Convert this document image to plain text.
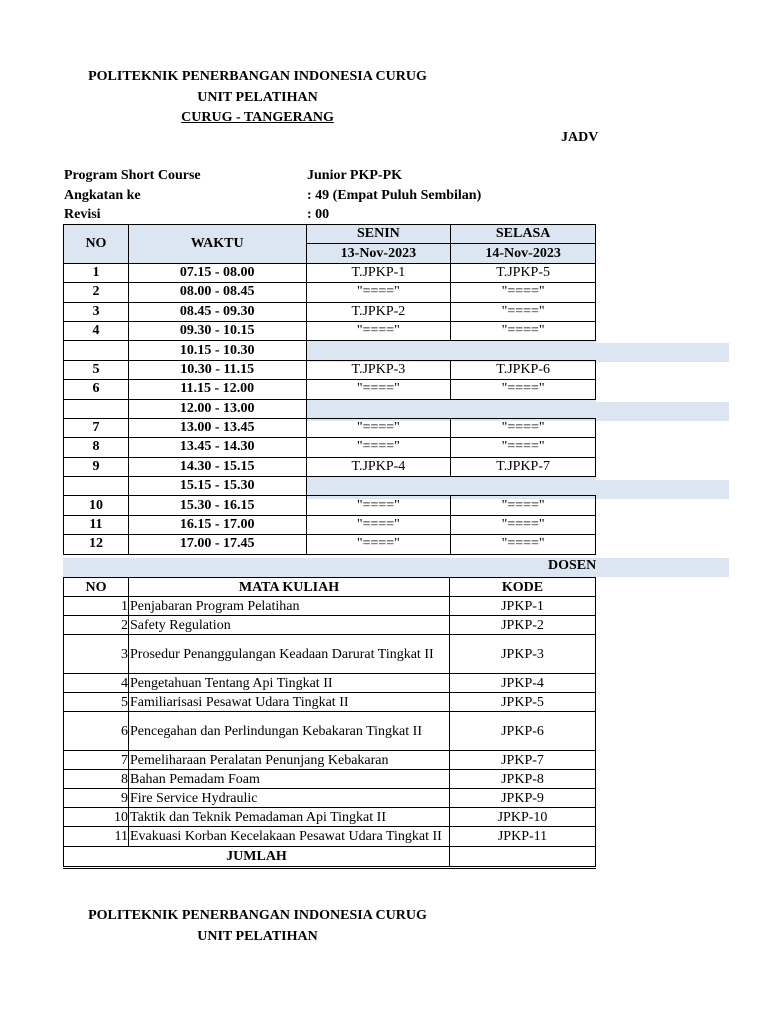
POLITEKNIK PENERBANGAN INDONESIA CURUG
UNIT PELATIHAN
CURUG - TANGERANG
JADV
Program Short Course	Junior PKP-PK
Angkatan ke	: 49 (Empat Puluh Sembilan)
Revisi	: 00
DOSEN
NO	WAKTU	SENIN	SELASA
		13-Nov-2023	14-Nov-2023
1	07.15 - 08.00	T.JPKP-1	T.JPKP-5
2	08.00 - 08.45	"===="	"===="
3	08.45 - 09.30	T.JPKP-2	"===="
4	09.30 - 10.15	"===="	"===="
	10.15 - 10.30		
5	10.30 - 11.15	T.JPKP-3	T.JPKP-6
6	11.15 - 12.00	"===="	"===="
	12.00 - 13.00		
7	13.00 - 13.45	"===="	"===="
8	13.45 - 14.30	"===="	"===="
9	14.30 - 15.15	T.JPKP-4	T.JPKP-7
	15.15 - 15.30		
10	15.30 - 16.15	"===="	"===="
11	16.15 - 17.00	"===="	"===="
12	17.00 - 17.45	"===="	"===="
NO	MATA KULIAH	KODE
1	Penjabaran Program Pelatihan	JPKP-1
2	Safety Regulation	JPKP-2
3	Prosedur Penanggulangan Keadaan Darurat Tingkat II	JPKP-3
4	Pengetahuan Tentang Api Tingkat II	JPKP-4
5	Familiarisasi Pesawat Udara Tingkat II	JPKP-5
6	Pencegahan dan Perlindungan Kebakaran Tingkat II	JPKP-6
7	Pemeliharaan Peralatan Penunjang Kebakaran	JPKP-7
8	Bahan Pemadam Foam	JPKP-8
9	Fire Service Hydraulic	JPKP-9
10	Taktik dan Teknik Pemadaman Api Tingkat II	JPKP-10
11	Evakuasi Korban Kecelakaan Pesawat Udara Tingkat II	JPKP-11
JUMLAH		
POLITEKNIK PENERBANGAN INDONESIA CURUG
UNIT PELATIHAN
